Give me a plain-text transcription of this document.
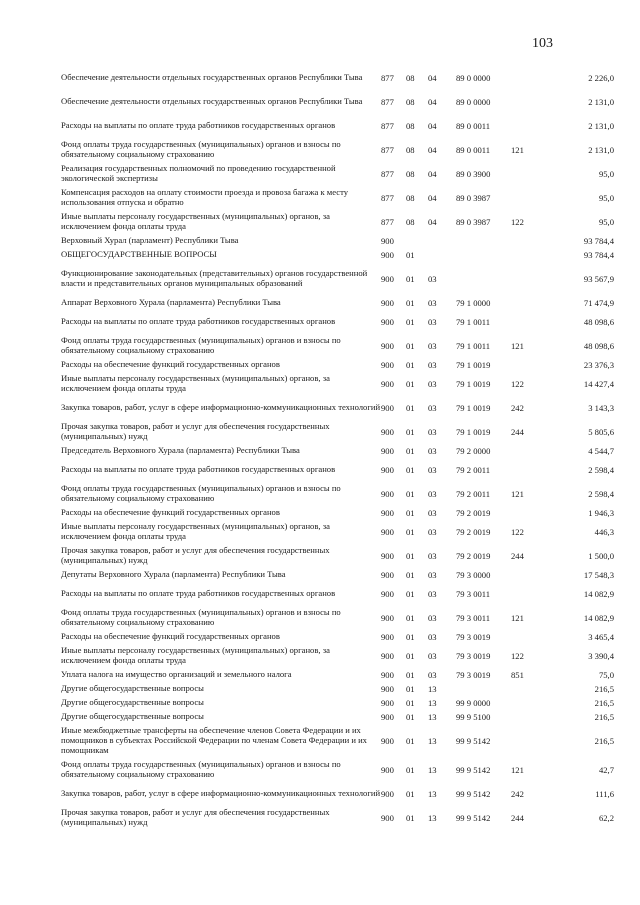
103
Обеспечение деятельности отдельных государственных органов Республики Тыва	877	08	04	89 0 0000		2 226,0
Обеспечение деятельности отдельных государственных органов Республики Тыва	877	08	04	89 0 0000		2 131,0
Расходы на выплаты по оплате труда работников государственных органов	877	08	04	89 0 0011		2 131,0
Фонд оплаты труда государственных (муниципальных) органов и взносы по обязательному социальному страхованию	877	08	04	89 0 0011	121	2 131,0
Реализация государственных полномочий по проведению государственной экологической экспертизы	877	08	04	89 0 3900		95,0
Компенсация расходов на оплату стоимости проезда и провоза багажа к месту использования отпуска и обратно	877	08	04	89 0 3987		95,0
Иные выплаты персоналу государственных (муниципальных) органов, за исключением фонда оплаты труда	877	08	04	89 0 3987	122	95,0
Верховный Хурал (парламент) Республики Тыва	900					93 784,4
ОБЩЕГОСУДАРСТВЕННЫЕ ВОПРОСЫ	900	01				93 784,4
Функционирование законодательных (представительных) органов государственной власти и представительных органов муниципальных образований	900	01	03			93 567,9
Аппарат Верховного Хурала (парламента) Республики Тыва	900	01	03	79 1 0000		71 474,9
Расходы на выплаты по оплате труда работников государственных органов	900	01	03	79 1 0011		48 098,6
Фонд оплаты труда государственных (муниципальных) органов и взносы по обязательному социальному страхованию	900	01	03	79 1 0011	121	48 098,6
Расходы на обеспечение функций государственных органов	900	01	03	79 1 0019		23 376,3
Иные выплаты персоналу государственных (муниципальных) органов, за исключением фонда оплаты труда	900	01	03	79 1 0019	122	14 427,4
Закупка товаров, работ, услуг в сфере информационно-коммуникационных технологий	900	01	03	79 1 0019	242	3 143,3
Прочая закупка товаров, работ и услуг для обеспечения государственных (муниципальных) нужд	900	01	03	79 1 0019	244	5 805,6
Председатель Верховного Хурала (парламента) Республики Тыва	900	01	03	79 2 0000		4 544,7
Расходы на выплаты по оплате труда работников государственных органов	900	01	03	79 2 0011		2 598,4
Фонд оплаты труда государственных (муниципальных) органов и взносы по обязательному социальному страхованию	900	01	03	79 2 0011	121	2 598,4
Расходы на обеспечение функций государственных органов	900	01	03	79 2 0019		1 946,3
Иные выплаты персоналу государственных (муниципальных) органов, за исключением фонда оплаты труда	900	01	03	79 2 0019	122	446,3
Прочая закупка товаров, работ и услуг для обеспечения государственных (муниципальных) нужд	900	01	03	79 2 0019	244	1 500,0
Депутаты Верховного Хурала (парламента) Республики Тыва	900	01	03	79 3 0000		17 548,3
Расходы на выплаты по оплате труда работников государственных органов	900	01	03	79 3 0011		14 082,9
Фонд оплаты труда государственных (муниципальных) органов и взносы по обязательному социальному страхованию	900	01	03	79 3 0011	121	14 082,9
Расходы на обеспечение функций государственных органов	900	01	03	79 3 0019		3 465,4
Иные выплаты персоналу государственных (муниципальных) органов, за исключением фонда оплаты труда	900	01	03	79 3 0019	122	3 390,4
Уплата налога на имущество организаций и земельного налога	900	01	03	79 3 0019	851	75,0
Другие общегосударственные вопросы	900	01	13			216,5
Другие общегосударственные вопросы	900	01	13	99 9 0000		216,5
Другие общегосударственные вопросы	900	01	13	99 9 5100		216,5
Иные межбюджетные трансферты на обеспечение членов Совета Федерации и их помощников в субъектах Российской Федерации по членам Совета Федерации и их помощникам	900	01	13	99 9 5142		216,5
Фонд оплаты труда государственных (муниципальных) органов и взносы по обязательному социальному страхованию	900	01	13	99 9 5142	121	42,7
Закупка товаров, работ, услуг в сфере информационно-коммуникационных технологий	900	01	13	99 9 5142	242	111,6
Прочая закупка товаров, работ и услуг для обеспечения государственных (муниципальных) нужд	900	01	13	99 9 5142	244	62,2
